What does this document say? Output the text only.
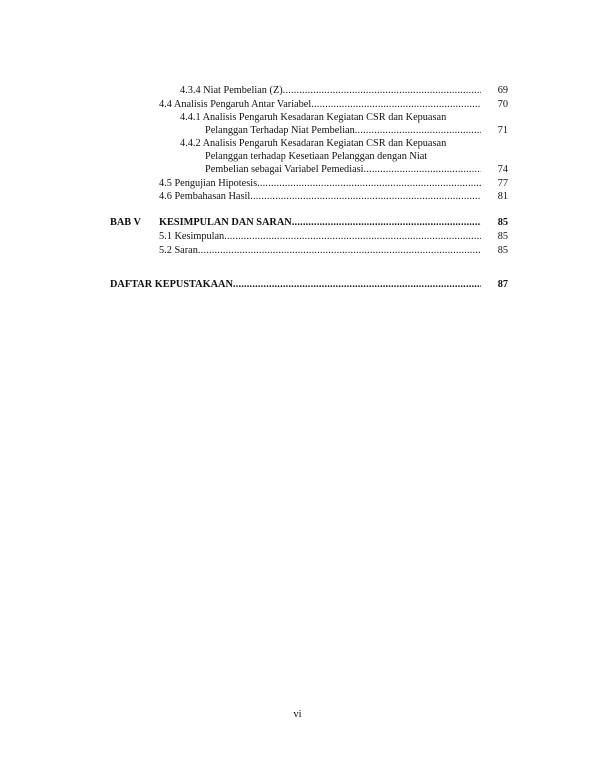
4.3.4 Niat Pembelian (Z) .....	69
4.4 Analisis Pengaruh Antar Variabel .....	70
4.4.1 Analisis Pengaruh Kesadaran Kegiatan CSR dan Kepuasan
Pelanggan Terhadap Niat Pembelian .....	71
4.4.2 Analisis Pengaruh Kesadaran Kegiatan CSR dan Kepuasan
Pelanggan terhadap Kesetiaan Pelanggan dengan Niat
Pembelian sebagai Variabel Pemediasi .....	74
4.5 Pengujian Hipotesis .....	77
4.6 Pembahasan Hasil .....	81
BAB V KESIMPULAN DAN SARAN .....	85
5.1 Kesimpulan .....	85
5.2 Saran .....	85
DAFTAR KEPUSTAKAAN .....	87
vi
